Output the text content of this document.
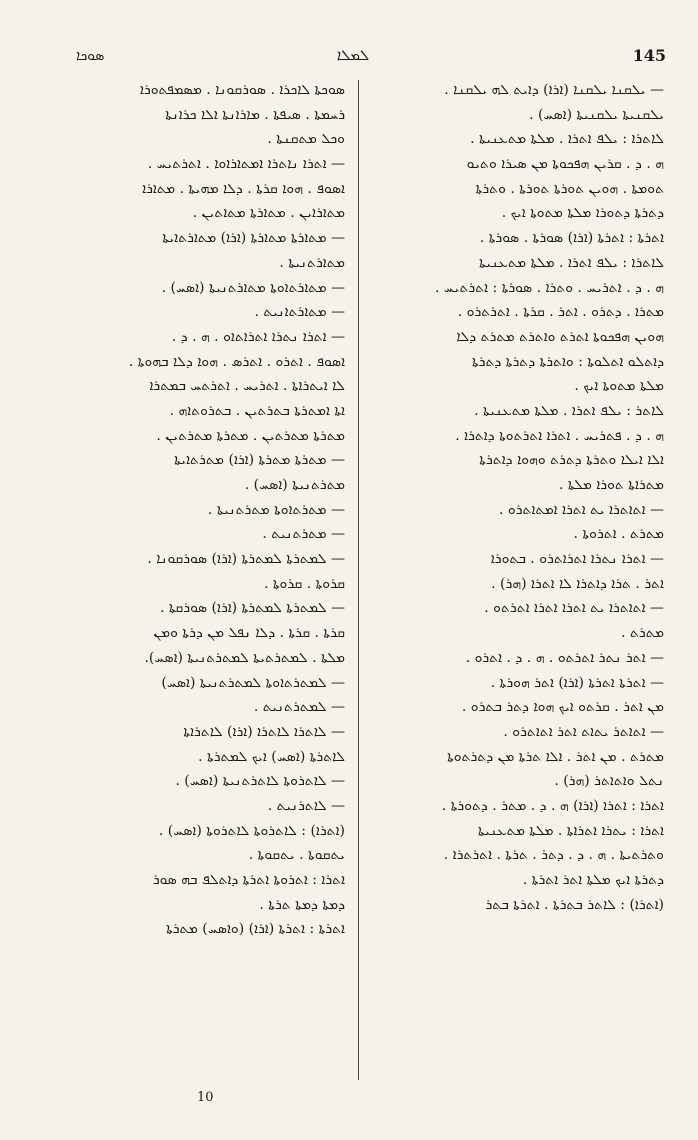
ܣܘܟܐ	ܠܡܠܐ	145
ܣܘܟܬܐ ܠܐܟܪܐ . ܣܘܪܩܘܢܐ . ܡܣܡܦܬܘܪܐ
ܪܚܡܬܐ . ܣܝܦܬܐ . ܡܐܪܐܢܬܐ ܐܠܐ ܟܪܐܢܬܐ
ܘܟܠ ܡܬܩܢܬܐ .
— ܐܬܪܐ ܢܐܬܪܐ ܐܡܬܐܪܐܘܐ . ܐܬܪܬܝܚ .
ܐܣܘܦ . ܗܘܐ ܩܪܬܐ . ܕܠܐ ܡܗܝܬܐ . ܡܬܐܪܐ
ܡܬܐܪܐܝܢ . ܡܬܐܪܬܐ ܡܬܐܬܝܢ .
— ܡܬܐܪܬܐ ܡܬܐܪܬܐ (ܐܪܐ) ܡܬܐܪܬܐܝܬܐ
ܡܬܐܪܬܢܝܬܐ .
— ܡܬܐܪܬܐܘܬܐ ܡܬܐܪܬܢܝܬܐ (ܐܣܚ) .
— ܡܬܐܪܬܐܢܝܬ .
— ܐܬܪܐ ܢܬܪܐ ܐܬܪܐܬܐܘ . ܗ . ܕ .
ܐܣܘܦ . ܐܬܪܘ . ܐܬܪܣ . ܗܘܐ ܕܠܐ ܒܗܘܬܐ .
ܠܐ ܐܝܬܪܐܬܐ . ܐܬܪܝܚ . ܐܬܪܬܚ ܒܡܬܪܐ
ܐܬܐ ܐܡܬܪܬܐ ܒܬܪܬܝܢ . ܒܬܪܘܬܐܗ .
ܡܬܪܬܐ ܡܬܪܬܝܢ . ܡܬܪܬܐ ܡܬܪܬܝܢ .
— ܡܬܪܬܐ ܡܬܪܬܐ (ܐܪܐ) ܡܬܪܬܐܝܬܐ
ܡܬܪܬܢܝܬܐ (ܐܣܚ) .
— ܡܬܪܬܐܘܬܐ ܡܬܪܬܢܝܬܐ .
— ܡܬܪܬܢܝܬ .
— ܠܡܬܪܬܐ ܠܡܬܪܬܐ (ܐܪܐ) ܣܘܪܩܘܢܐ .
ܩܪܘܬܐ . ܩܪܘܬܐ .
— ܠܡܬܪܬܐ ܠܡܬܪܬܐ (ܐܪܐ) ܣܘܪܩܬܐ .
ܩܪܬܐ . ܩܪܬܐ . ܕܠܐ ܢܦܠ ܡܢ ܕܪܬܐ ܘܡܢ
ܡܠܬܐ . ܠܡܬܪܬܝܬܐ ܠܡܬܪܬܢܝܬܐ (ܐܣܚ).
— ܠܡܬܪܬܐܘܬܐ ܠܡܬܪܬܢܝܬܐ (ܐܣܚ)
— ܠܡܬܪܬܢܝܬ .
— ܠܐܬܪܐ ܠܐܬܪܐ (ܐܪܐ) ܠܐܬܪܐܬܐ
ܠܐܬܪܬܐ (ܐܣܚ) ܐܝܟ ܠܡܬܪܬܐ .
— ܠܐܬܪܘܬܐ ܠܐܬܪܬܢܝܬܐ (ܐܣܚ) .
— ܠܐܬܪܢܝܬ .
(ܐܬܪܐ) : ܠܐܬܪܘܬܐ ܠܐܬܪܘܬܐ (ܐܣܚ) .
ܝܬܩܘܬܐ . ܝܬܩܘܬܐ .
ܐܬܪܐ : ܐܬܪܘܬܐ ܐܬܪܬܐ ܕܐܬܠܦ ܒܗ ܣܘܪ
ܕܡܬܐ ܕܡܬܐ ܬܪܬܐ .
ܐܬܪܬܐ : ܐܬܪܬܐ (ܐܪܐ) (ܘܐܣܚ) ܡܬܪܬܐ
— ܝܠܩܢܐ ܝܠܩܢܐ (ܐܪܐ) ܕܐܝܬ ܠܗ ܝܠܩܢܐ .
ܝܠܩܢܝܬܐ ܝܠܩܢܝܬܐ (ܐܣܚ) .
ܠܐܬܪܐ : ܝܠܦ ܐܬܪܐ . ܡܠܬܐ ܡܬܥܢܝܬܐ .
ܗ . ܕ . ܩܪܝܢ ܗܦܟܘܬܐ ܡܢ ܣܝܪܐ ܘܬܝܘ
ܬܘܡܬܐ . ܗܘܝܢ ܬܘܪܬܐ ܬܘܪܬܐ . ܘܬܪܬܐ
ܕܬܪܬܐ ܕܬܘܪܐ ܡܠܬܐ ܡܬܘܬܐ ܐܝܟ .
ܐܬܪܬܐ : ܐܬܪܬܐ (ܐܪܐ) ܣܘܪܬܐ . ܣܘܪܬܐ .
ܠܐܬܪܐ : ܝܠܦ ܐܬܪܐ . ܡܠܬܐ ܡܬܥܢܝܬܐ
ܗ . ܕ . ܐܬܪܝܚ . ܘܬܪܐ . ܣܘܪܬܐ : ܐܬܪܬܝܚ .
ܡܬܪܐ . ܕܬܪܘ . ܐܬܪ . ܩܪܬܐ . ܐܬܪܬܪܘ .
ܗܘܝܢ ܗܦܟܘܬܐ ܐܬܪܬ ܘܐܬܪܬ ܡܬܪܬ ܕܠܐ
ܕܐܬܠܘ ܐܬܠܘܬܐ : ܘܐܬܪܬܐ ܕܬܪܬܐ ܕܬܪܬܐ
ܡܠܬܐ ܡܬܘܬܐ ܐܝܟ .
ܠܐܬܪ : ܝܠܦ ܐܬܪܐ . ܡܠܬܐ ܡܬܥܢܝܬܐ .
ܗ . ܕ . ܦܬܪܝܚ . ܐܬܪܐ ܐܬܪܬܘܬܐ ܕܐܬܪܐ .
ܐܠܐ ܐܝܠܐ ܘܬܪܬܐ ܕܬܪܬ ܘܗܘܐ ܕܐܬܪܬܐ
ܡܬܪܐܬܐ ܬܘܪܐ ܡܠܬܐ .
— ܐܬܐܬܪܐ ܝܬ ܐܬܪܐ ܐܡܬܐܬܪܘ .
ܡܬܪܬ . ܐܬܪܘܬܐ .
— ܐܬܪܐ ܢܬܪܐ ܐܬܪܐܬܪܘ . ܒܬܘܪܐ
ܐܬܪ . ܬܪܐ ܕܐܬܪܐ ܠܐ ܐܬܪܐ (ܗܪ) .
— ܐܬܐܬܪܐ ܝܬ ܐܬܪܐ ܐܬܪܐ ܐܬܪܬܘ .
ܡܬܪܬ .
— ܐܬܪ ܢܬܪ ܐܬܪܬܘ . ܗ . ܕ . ܐܬܪܘ .
— ܐܬܪܬܐ ܐܬܪܬܐ (ܐܪܐ) ܐܬܪ ܗܘܪܬܐ .
ܡܢ ܐܬܪ . ܩܪܬܘ ܐܝܟ ܗܘܐ ܕܬܪ ܒܬܪܘ .
— ܐܬܐܬܪ ܝܬܐܬ ܐܬܪ ܐܬܐܬܪܘ .
ܡܬܪܬ . ܡܢ ܐܬܪ . ܐܠܐ ܬܪܬܐ ܡܢ ܕܬܪܬܘܬܐ
ܢܬܠ ܘܐܬܐܬܪ (ܗܪ) .
ܐܬܪܐ : ܐܬܪܐ (ܐܪܐ) ܗ . ܕ . ܡܬܪ . ܕܬܘܪܬܐ .
ܐܬܪܐ : ܝܬܪܐ ܐܬܪܐܬܐ . ܡܠܬܐ ܡܬܥܢܝܬܐ
ܘܬܪܬܝܬܐ . ܗ . ܕ . ܕܬܪ . ܬܪܬܐ . ܐܬܪܬܪܐ .
ܕܬܪܬܐ ܐܝܟ ܡܠܬܐ ܐܬܪ ܐܬܪܬܐ .
(ܐܬܪܐ) : ܠܐܬܪ ܒܬܪܬܐ . ܐܬܪܬܐ ܒܬܪ
10
